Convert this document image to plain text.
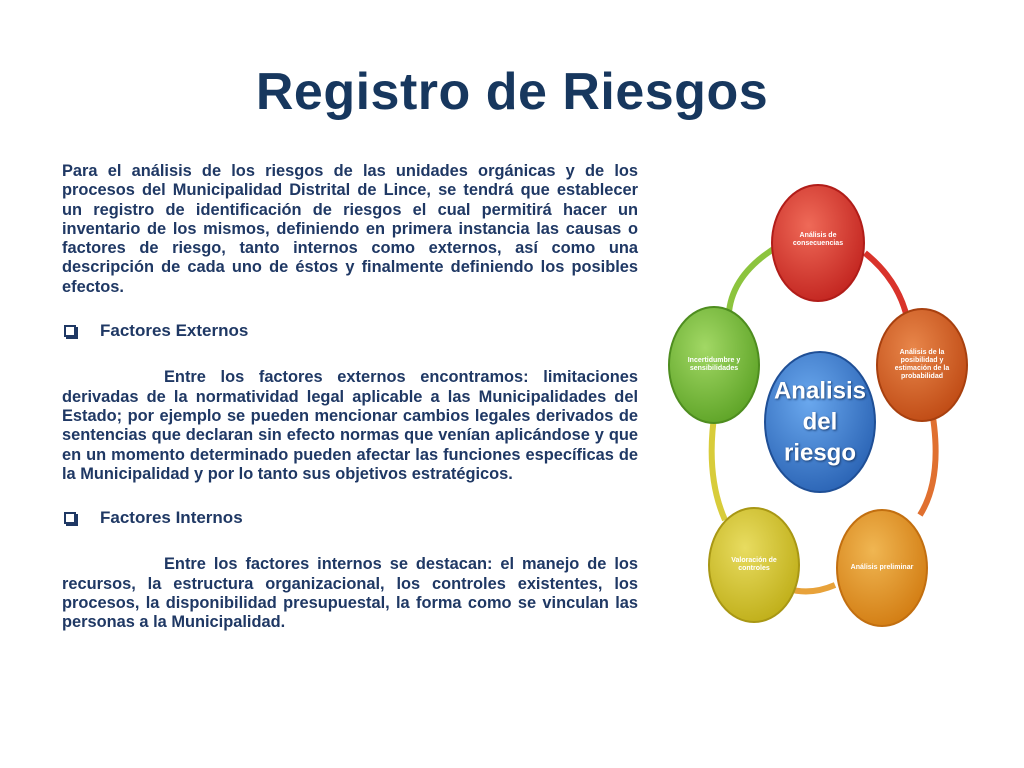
Registro de Riesgos

Para el análisis de los riesgos de las unidades orgánicas y de los procesos del Municipalidad Distrital de Lince, se tendrá que establecer un registro de identificación de riesgos el cual permitirá hacer un inventario de los mismos, definiendo en primera instancia las causas o factores de riesgo, tanto internos como externos, así como una descripción de cada uno de éstos y finalmente definiendo los posibles efectos.

Factores Externos

Entre los factores externos encontramos: limitaciones derivadas de la normatividad legal aplicable a las Municipalidades del Estado; por ejemplo se pueden mencionar cambios legales derivados de sentencias que declaran sin efecto normas que venían aplicándose y que en un momento determinado pueden afectar las funciones específicas de la Municipalidad y por lo tanto sus objetivos estratégicos.

Factores Internos

Entre los factores internos se destacan: el manejo de los recursos, la estructura organizacional, los controles existentes, los procesos, la disponibilidad presupuestal, la forma como se vinculan las personas a la Municipalidad.

Análisis de
consecuencias
Análisis de la
posibilidad y
estimación de la
probabilidad
Análisis preliminar
Valoración de
controles
Incertidumbre y
sensibilidades
Analisis
del
riesgo
